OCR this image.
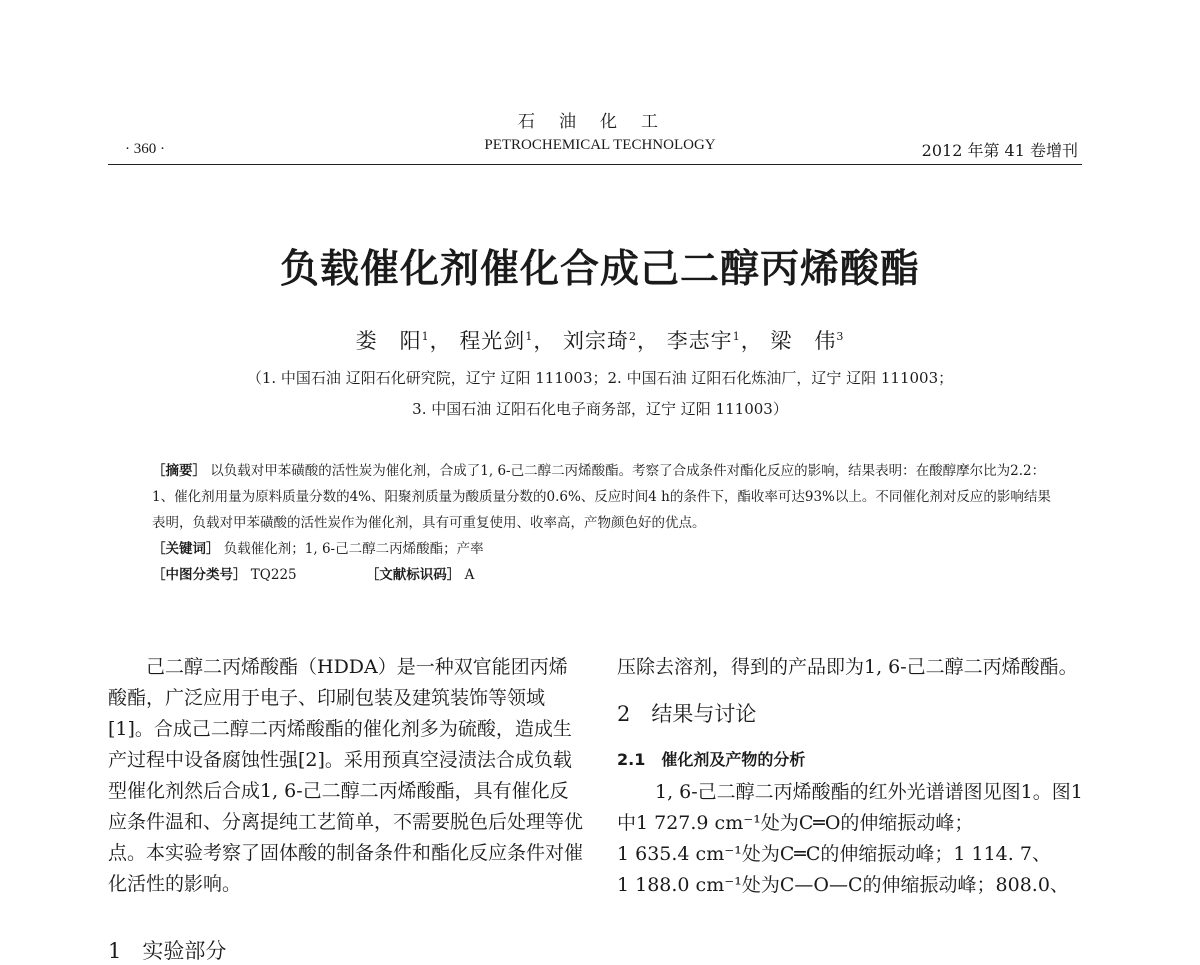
石油化工
· 360 ·	PETROCHEMICAL TECHNOLOGY	2012 年第 41 卷增刊
负载催化剂催化合成己二醇丙烯酸酯
娄　阳$^1$， 程光剑$^1$， 刘宗琦$^2$， 李志宇$^1$， 梁　伟$^3$
（1. 中国石油 辽阳石化研究院，辽宁 辽阳 111003；2. 中国石油 辽阳石化炼油厂，辽宁 辽阳 111003；
3. 中国石油 辽阳石化电子商务部，辽宁 辽阳 111003）

［摘要］ 以负载对甲苯磺酸的活性炭为催化剂，合成了1, 6-己二醇二丙烯酸酯。考察了合成条件对酯化反应的影响，结果表明：在酸醇摩尔比为2.2：1、催化剂用量为原料质量分数的4%、阳聚剂质量为酸质量分数的0.6%、反应时间4 h的条件下，酯收率可达93%以上。不同催化剂对反应的影响结果表明，负载对甲苯磺酸的活性炭作为催化剂，具有可重复使用、收率高，产物颜色好的优点。

［关键词］ 负载催化剂；1, 6-己二醇二丙烯酸酯；产率

［中图分类号］ TQ225	［文献标识码］ A

己二醇二丙烯酸酯（HDDA）是一种双官能团丙烯酸酯，广泛应用于电子、印刷包装及建筑装饰等领域[1]。合成己二醇二丙烯酸酯的催化剂多为硫酸，造成生产过程中设备腐蚀性强[2]。采用预真空浸渍法合成负载型催化剂然后合成1, 6-己二醇二丙烯酸酯，具有催化反应条件温和、分离提纯工艺简单，不需要脱色后处理等优点。本实验考察了固体酸的制备条件和酯化反应条件对催化活性的影响。

1　实验部分

压除去溶剂，得到的产品即为1, 6-己二醇二丙烯酸酯。

2　结果与讨论

2.1　催化剂及产物的分析

1, 6-己二醇二丙烯酸酯的红外光谱谱图见图1。图1中1 727.9 cm⁻¹处为C═O的伸缩振动峰；

1 635.4 cm⁻¹处为C═C的伸缩振动峰；1 114. 7、

1 188.0 cm⁻¹处为C—O—C的伸缩振动峰；808.0、
